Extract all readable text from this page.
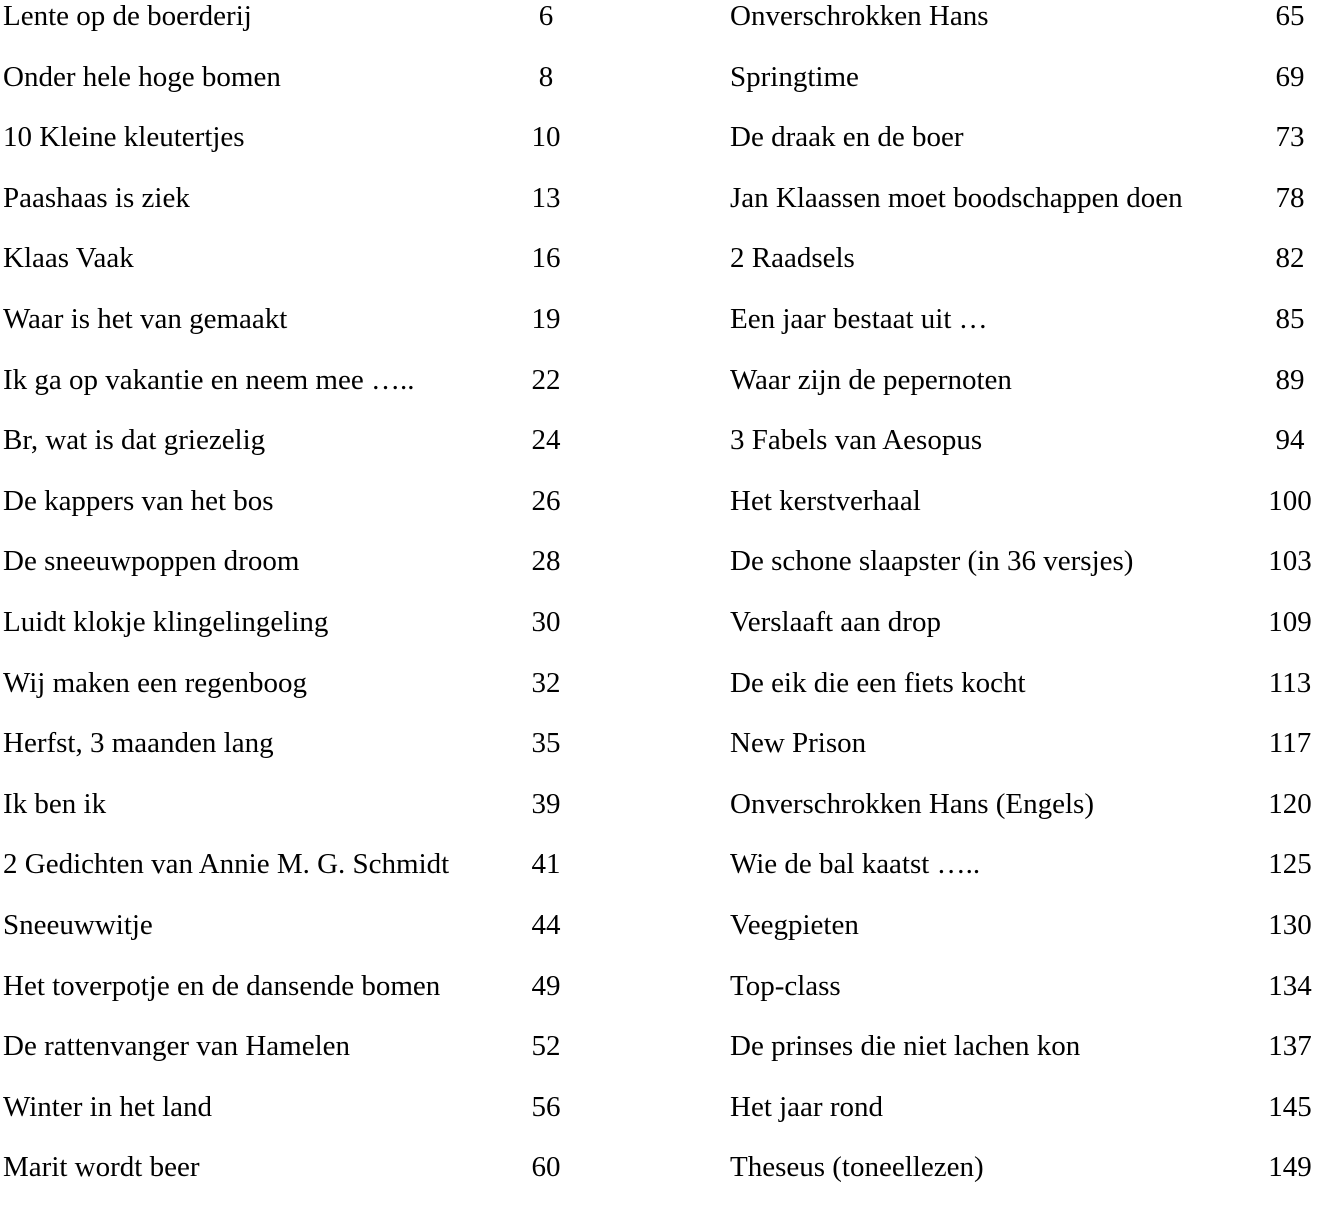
Lente op de boerderij	6
Onder hele hoge bomen	8
10 Kleine kleutertjes	10
Paashaas is ziek	13
Klaas Vaak	16
Waar is het van gemaakt	19
Ik ga op vakantie en neem mee …..	22
Br, wat is dat griezelig	24
De kappers van het bos	26
De sneeuwpoppen droom	28
Luidt klokje klingelingeling	30
Wij maken een regenboog	32
Herfst, 3 maanden lang	35
Ik ben ik	39
2 Gedichten van Annie M. G. Schmidt	41
Sneeuwwitje	44
Het toverpotje en de dansende bomen	49
De rattenvanger van Hamelen	52
Winter in het land	56
Marit wordt beer	60
Onverschrokken Hans	65
Springtime	69
De draak en de boer	73
Jan Klaassen moet boodschappen doen	78
2 Raadsels	82
Een jaar bestaat uit …	85
Waar zijn de pepernoten	89
3 Fabels van Aesopus	94
Het kerstverhaal	100
De schone slaapster (in 36 versjes)	103
Verslaaft aan drop	109
De eik die een fiets kocht	113
New Prison	117
Onverschrokken Hans (Engels)	120
Wie de bal kaatst …..	125
Veegpieten	130
Top-class	134
De prinses die niet lachen kon	137
Het jaar rond	145
Theseus (toneellezen)	149
